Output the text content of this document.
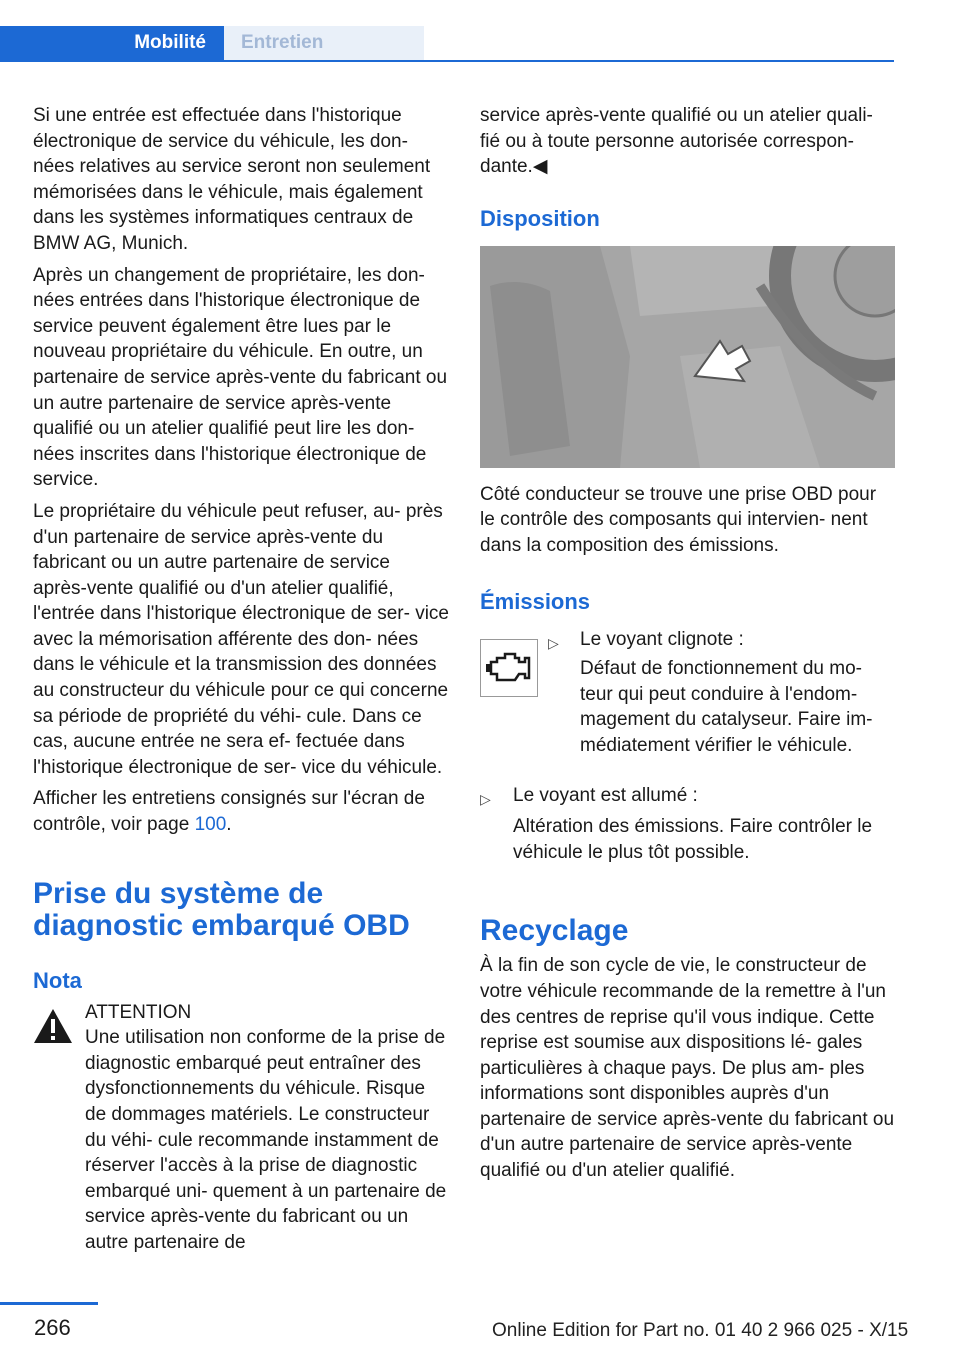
Mobilité	Entretien

Si une entrée est effectuée dans l'historique électronique de service du véhicule, les don‐ nées relatives au service seront non seulement mémorisées dans le véhicule, mais également dans les systèmes informatiques centraux de BMW AG, Munich.

Après un changement de propriétaire, les don‐ nées entrées dans l'historique électronique de service peuvent également être lues par le nouveau propriétaire du véhicule. En outre, un partenaire de service après-vente du fabricant ou un autre partenaire de service après-vente qualifié ou un atelier qualifié peut lire les don‐ nées inscrites dans l'historique électronique de service.

Le propriétaire du véhicule peut refuser, au‐ près d'un partenaire de service après-vente du fabricant ou un autre partenaire de service après-vente qualifié ou d'un atelier qualifié, l'entrée dans l'historique électronique de ser‐ vice avec la mémorisation afférente des don‐ nées dans le véhicule et la transmission des données au constructeur du véhicule pour ce qui concerne sa période de propriété du véhi‐ cule. Dans ce cas, aucune entrée ne sera ef‐ fectuée dans l'historique électronique de ser‐ vice du véhicule.

Afficher les entretiens consignés sur l'écran de contrôle, voir page 100.

Prise du système de diagnostic embarqué OBD
Nota
ATTENTION
Une utilisation non conforme de la prise de diagnostic embarqué peut entraîner des dysfonctionnements du véhicule. Risque de dommages matériels. Le constructeur du véhi‐ cule recommande instamment de réserver l'accès à la prise de diagnostic embarqué uni‐ quement à un partenaire de service après-vente du fabricant ou un autre partenaire de

service après-vente qualifié ou un atelier quali‐ fié ou à toute personne autorisée correspon‐ dante.◀

Disposition

Côté conducteur se trouve une prise OBD pour le contrôle des composants qui intervien‐ nent dans la composition des émissions.

Émissions
▷ Le voyant clignote :

Défaut de fonctionnement du mo‐ teur qui peut conduire à l'endom‐ magement du catalyseur. Faire im‐ médiatement vérifier le véhicule.

▷ Le voyant est allumé :

Altération des émissions. Faire contrôler le véhicule le plus tôt possible.

Recyclage

À la fin de son cycle de vie, le constructeur de votre véhicule recommande de la remettre à l'un des centres de reprise qu'il vous indique. Cette reprise est soumise aux dispositions lé‐ gales particulières à chaque pays. De plus am‐ ples informations sont disponibles auprès d'un partenaire de service après-vente du fabricant ou d'un autre partenaire de service après-vente qualifié ou d'un atelier qualifié.

266	Online Edition for Part no. 01 40 2 966 025 - X/15
